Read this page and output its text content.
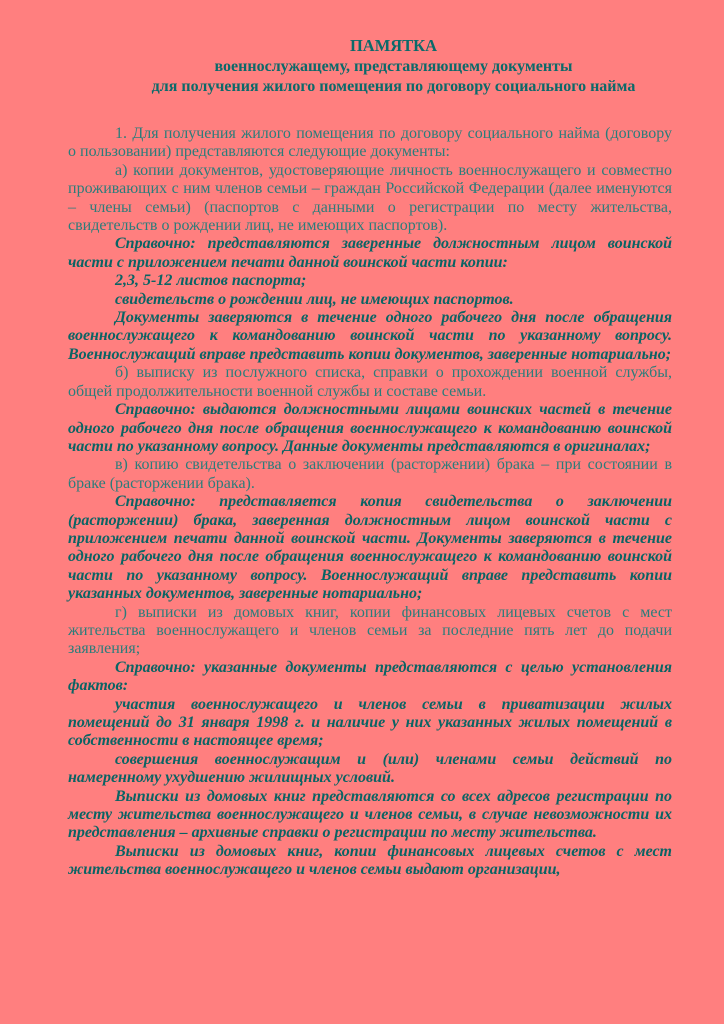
ПАМЯТКА

военнослужащему, представляющему документы

для получения жилого помещения по договору социального найма

1. Для получения жилого помещения по договору социального найма (договору о пользовании) представляются следующие документы:

а) копии документов, удостоверяющие личность военнослужащего и совместно проживающих с ним членов семьи – граждан Российской Федерации (далее именуются – члены семьи) (паспортов с данными о регистрации по месту жительства, свидетельств о рождении лиц, не имеющих паспортов).

Справочно: представляются заверенные должностным лицом воинской части с приложением печати данной воинской части копии:

2,3, 5-12 листов паспорта;

свидетельств о рождении лиц, не имеющих паспортов.

Документы заверяются в течение одного рабочего дня после обращения военнослужащего к командованию воинской части по указанному вопросу. Военнослужащий вправе представить копии документов, заверенные нотариально;

б) выписку из послужного списка, справки о прохождении военной службы, общей продолжительности военной службы и составе семьи.

Справочно: выдаются должностными лицами воинских частей в течение одного рабочего дня после обращения военнослужащего к командованию воинской части по указанному вопросу. Данные документы представляются в оригиналах;

в) копию свидетельства о заключении (расторжении) брака – при состоянии в браке (расторжении брака).

Справочно: представляется копия свидетельства о заключении (расторжении) брака, заверенная должностным лицом воинской части с приложением печати данной воинской части. Документы заверяются в течение одного рабочего дня после обращения военнослужащего к командованию воинской части по указанному вопросу. Военнослужащий вправе представить копии указанных документов, заверенные нотариально;

г) выписки из домовых книг, копии финансовых лицевых счетов с мест жительства военнослужащего и членов семьи за последние пять лет до подачи заявления;

Справочно: указанные документы представляются с целью установления фактов:

участия военнослужащего и членов семьи в приватизации жилых помещений до 31 января 1998 г. и наличие у них указанных жилых помещений в собственности в настоящее время;

совершения военнослужащим и (или) членами семьи действий по намеренному ухудшению жилищных условий.

Выписки из домовых книг представляются со всех адресов регистрации по месту жительства военнослужащего и членов семьи, в случае невозможности их представления – архивные справки о регистрации по месту жительства.

Выписки из домовых книг, копии финансовых лицевых счетов с мест жительства военнослужащего и членов семьи выдают организации,
